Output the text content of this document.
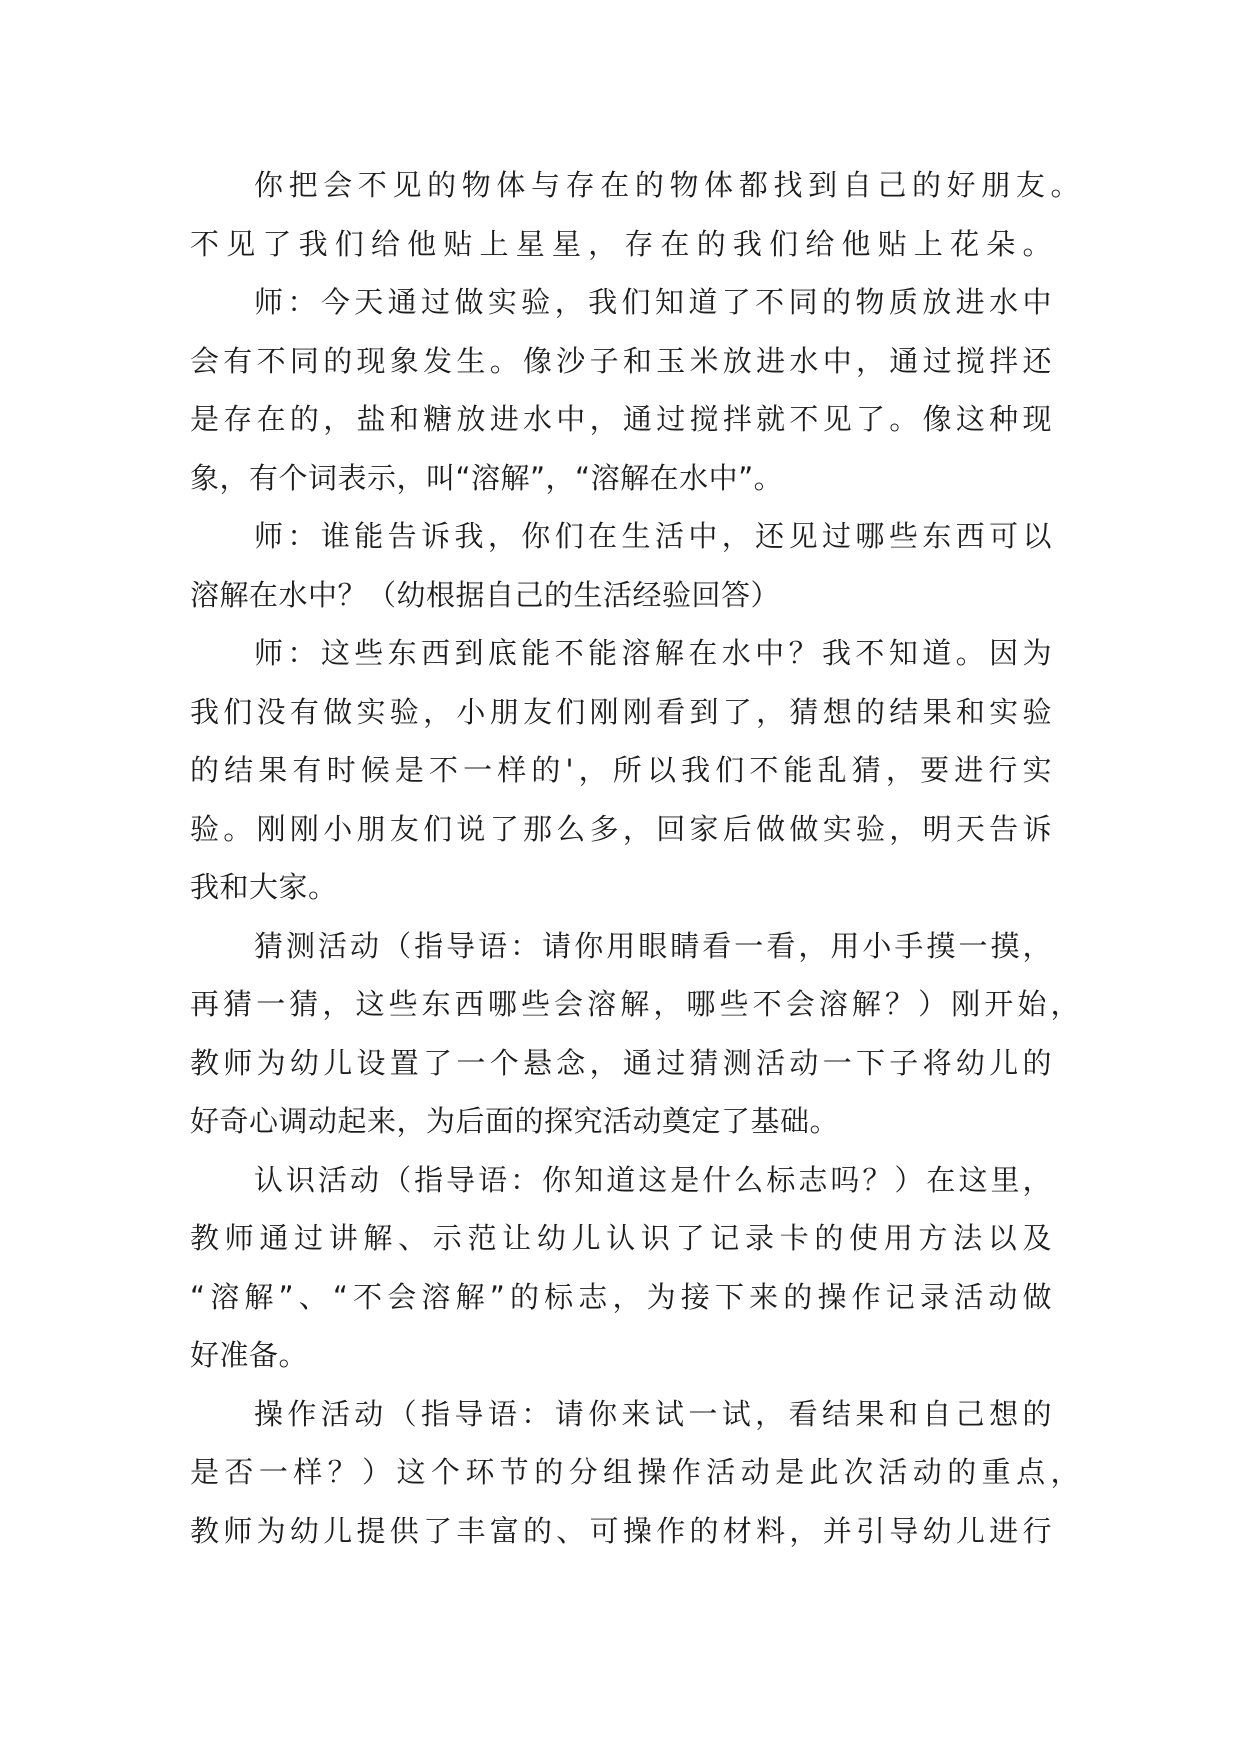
你把会不见的物体与存在的物体都找到自己的好朋友。
不见了我们给他贴上星星，存在的我们给他贴上花朵。
师：今天通过做实验，我们知道了不同的物质放进水中
会有不同的现象发生。像沙子和玉米放进水中，通过搅拌还
是存在的，盐和糖放进水中，通过搅拌就不见了。像这种现
象，有个词表示，叫“溶解”，“溶解在水中”。
师：谁能告诉我，你们在生活中，还见过哪些东西可以
溶解在水中？（幼根据自己的生活经验回答）
师：这些东西到底能不能溶解在水中？我不知道。因为
我们没有做实验，小朋友们刚刚看到了，猜想的结果和实验
的结果有时候是不一样的'，所以我们不能乱猜，要进行实
验。刚刚小朋友们说了那么多，回家后做做实验，明天告诉
我和大家。
猜测活动（指导语：请你用眼睛看一看，用小手摸一摸，
再猜一猜，这些东西哪些会溶解，哪些不会溶解？）刚开始，
教师为幼儿设置了一个悬念，通过猜测活动一下子将幼儿的
好奇心调动起来，为后面的探究活动奠定了基础。
认识活动（指导语：你知道这是什么标志吗？）在这里，
教师通过讲解、示范让幼儿认识了记录卡的使用方法以及
“溶解”、“不会溶解”的标志，为接下来的操作记录活动做
好准备。
操作活动（指导语：请你来试一试，看结果和自己想的
是否一样？）这个环节的分组操作活动是此次活动的重点，
教师为幼儿提供了丰富的、可操作的材料，并引导幼儿进行
